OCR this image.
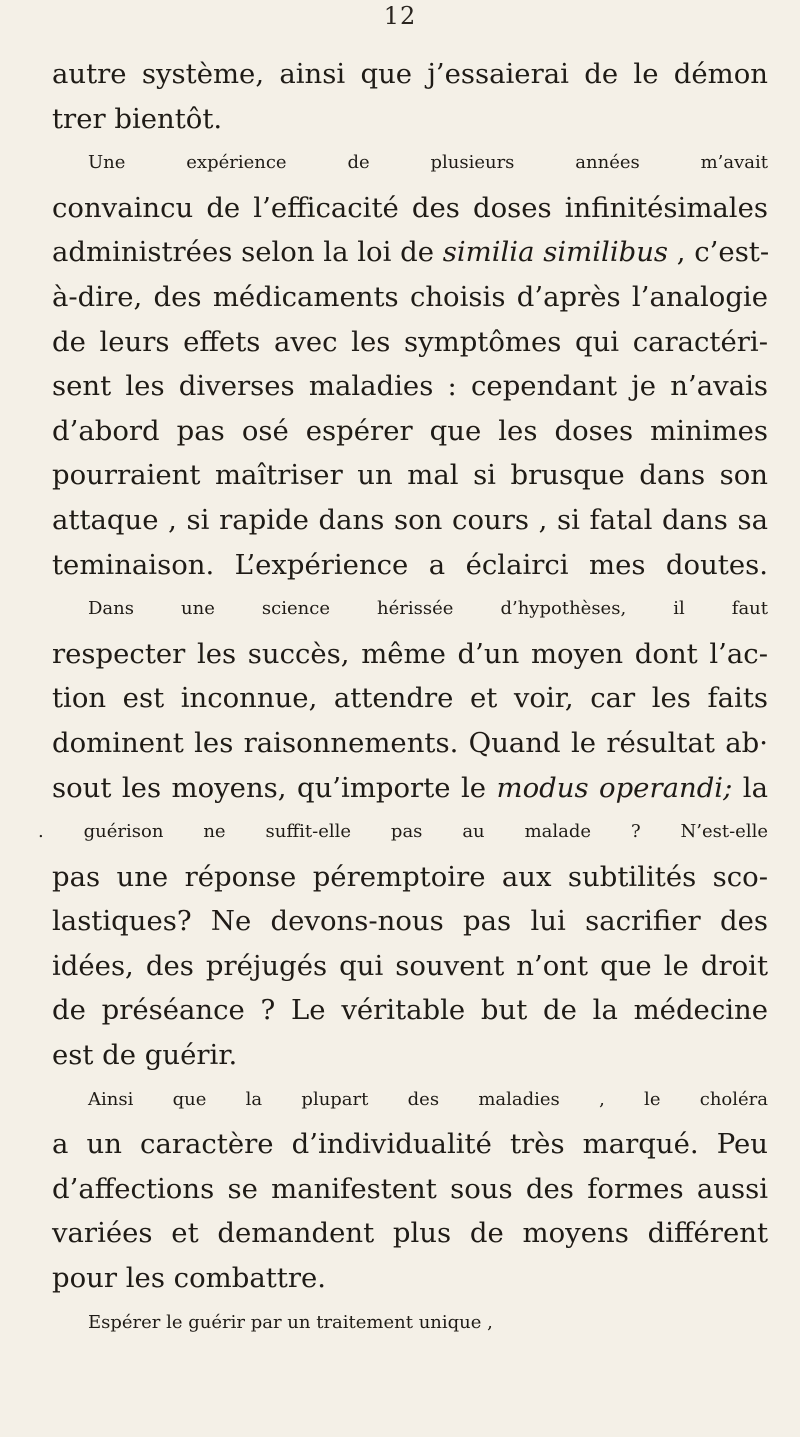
12
autre système, ainsi que j’essaierai de le démon
trer bientôt.
Une expérience de plusieurs années m’avait
convaincu de l’efficacité des doses infinitésimales
administrées selon la loi de similia similibus , c’est-
à-dire, des médicaments choisis d’après l’analogie
de leurs effets avec les symptômes qui caractéri-
sent les diverses maladies : cependant je n’avais
d’abord pas osé espérer que les doses minimes
pourraient maîtriser un mal si brusque dans son
attaque , si rapide dans son cours , si fatal dans sa
teminaison. L’expérience a éclairci mes doutes.
Dans une science hérissée d’hypothèses, il faut
respecter les succès, même d’un moyen dont l’ac-
tion est inconnue, attendre et voir, car les faits
dominent les raisonnements. Quand le résultat ab·
sout les moyens, qu’importe le modus operandi; la
. guérison ne suffit-elle pas au malade ? N’est-elle
pas une réponse péremptoire aux subtilités sco-
lastiques? Ne devons-nous pas lui sacrifier des
idées, des préjugés qui souvent n’ont que le droit
de préséance ? Le véritable but de la médecine
est de guérir.
Ainsi que la plupart des maladies , le choléra
a un caractère d’individualité très marqué. Peu
d’affections se manifestent sous des formes aussi
variées et demandent plus de moyens différent
pour les combattre.
Espérer le guérir par un traitement unique ,
